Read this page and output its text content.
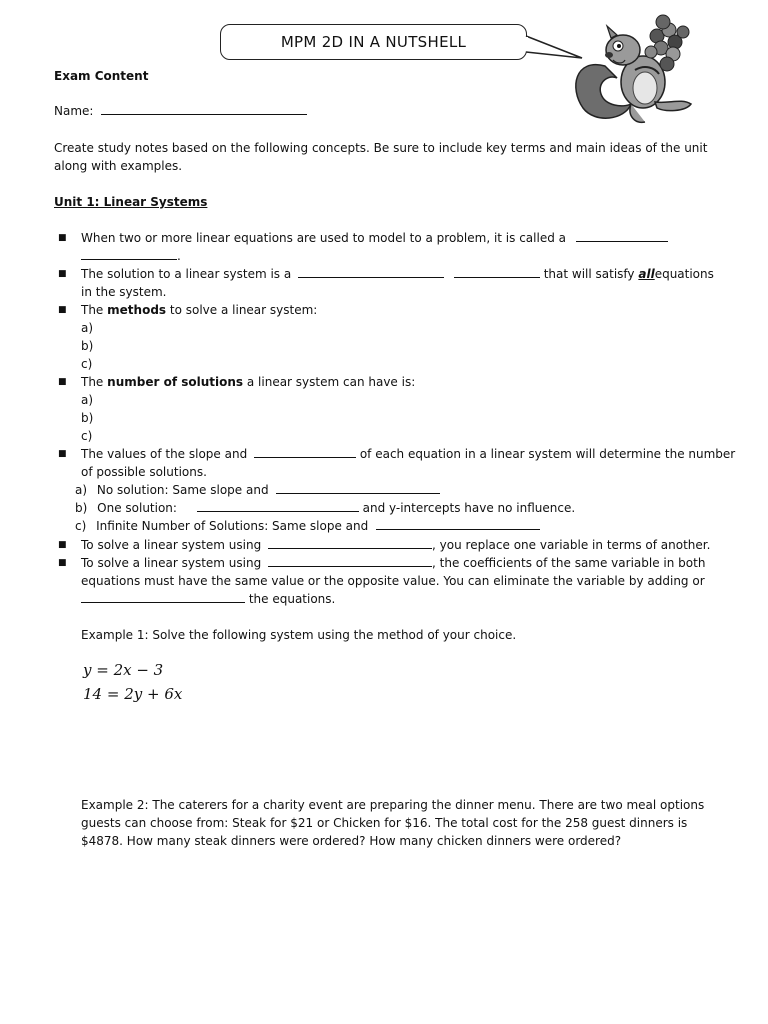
MPM 2D IN A NUTSHELL
Exam Content
Name:
Create study notes based on the following concepts. Be sure to include key terms and main ideas of the unit
along with examples.
Unit 1: Linear Systems
■ When two or more linear equations are used to model to a problem, it is called a
.
■ The solution to a linear system is a	that will satisfy allequations
in the system.
■ The methods to solve a linear system:
a)
b)
c)
■ The number of solutions a linear system can have is:
a)
b)
c)
■ The values of the slope and	of each equation in a linear system will determine the number
of possible solutions.
a) No solution: Same slope and
b) One solution:	and y-intercepts have no influence.
c) Infinite Number of Solutions: Same slope and
■ To solve a linear system using	, you replace one variable in terms of another.
■ To solve a linear system using	, the coefficients of the same variable in both
equations must have the same value or the opposite value. You can eliminate the variable by adding or
the equations.
Example 1: Solve the following system using the method of your choice.
y = 2x − 3
14 = 2y + 6x
Example 2: The caterers for a charity event are preparing the dinner menu. There are two meal options
guests can choose from: Steak for $21 or Chicken for $16. The total cost for the 258 guest dinners is
$4878. How many steak dinners were ordered? How many chicken dinners were ordered?
